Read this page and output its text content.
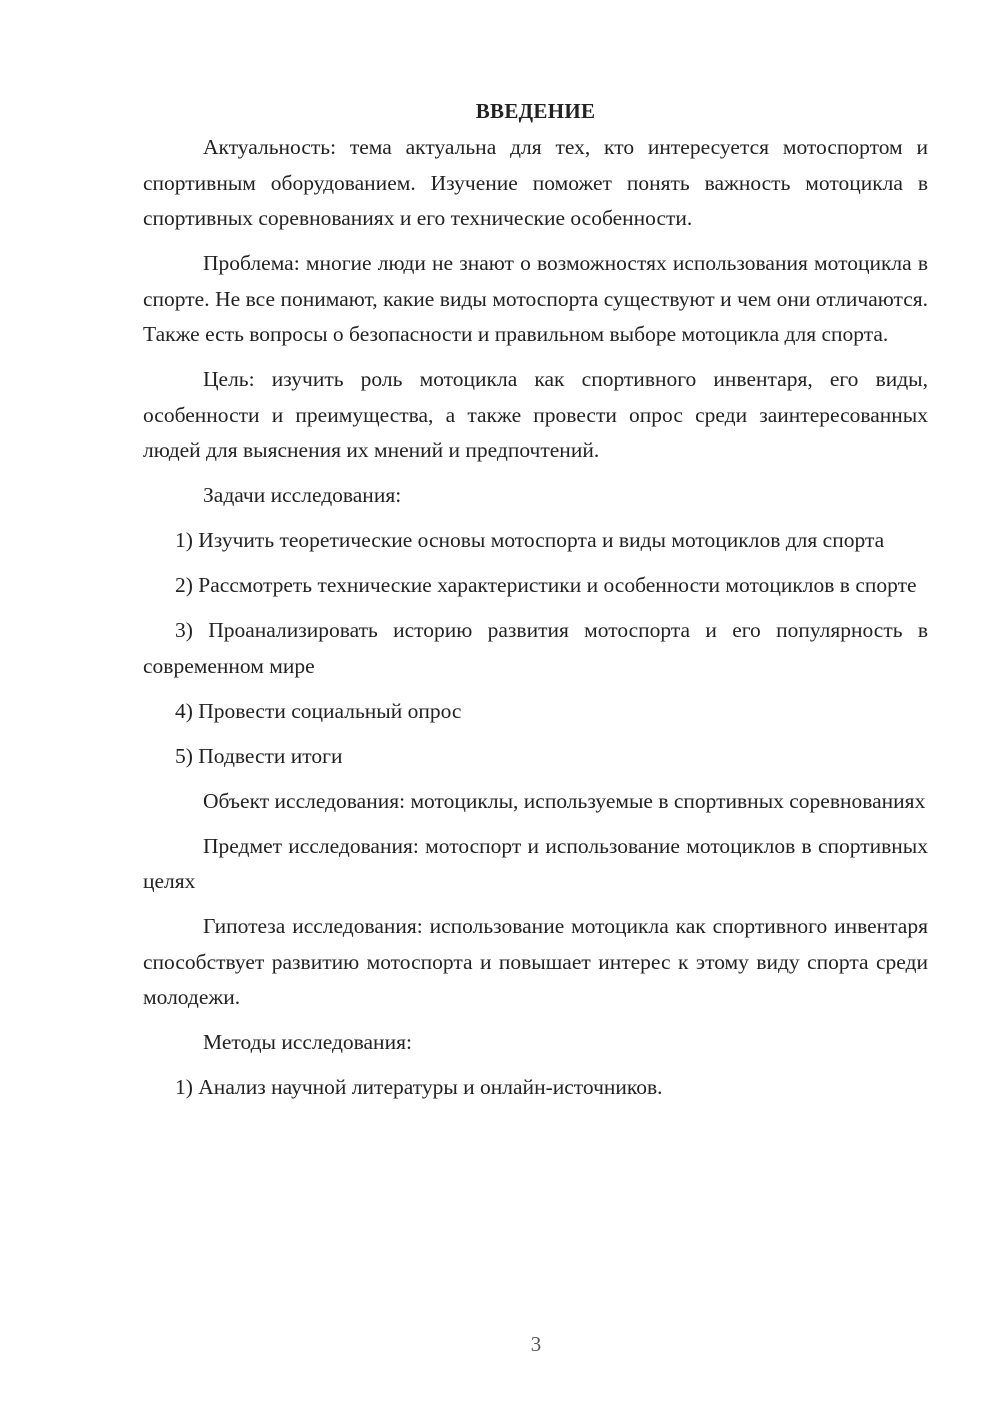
ВВЕДЕНИЕ

Актуальность: тема актуальна для тех, кто интересуется мотоспортом и спортивным оборудованием. Изучение поможет понять важность мотоцикла в спортивных соревнованиях и его технические особенности.

Проблема: многие люди не знают о возможностях использования мотоцикла в спорте. Не все понимают, какие виды мотоспорта существуют и чем они отличаются. Также есть вопросы о безопасности и правильном выборе мотоцикла для спорта.

Цель: изучить роль мотоцикла как спортивного инвентаря, его виды, особенности и преимущества, а также провести опрос среди заинтересованных людей для выяснения их мнений и предпочтений.

Задачи исследования:

1) Изучить теоретические основы мотоспорта и виды мотоциклов для спорта

2) Рассмотреть технические характеристики и особенности мотоциклов в спорте

3) Проанализировать историю развития мотоспорта и его популярность в современном мире

4) Провести социальный опрос

5) Подвести итоги

Объект исследования: мотоциклы, используемые в спортивных соревнованиях

Предмет исследования: мотоспорт и использование мотоциклов в спортивных целях

Гипотеза исследования: использование мотоцикла как спортивного инвентаря способствует развитию мотоспорта и повышает интерес к этому виду спорта среди молодежи.

Методы исследования:

1) Анализ научной литературы и онлайн-источников.

3
